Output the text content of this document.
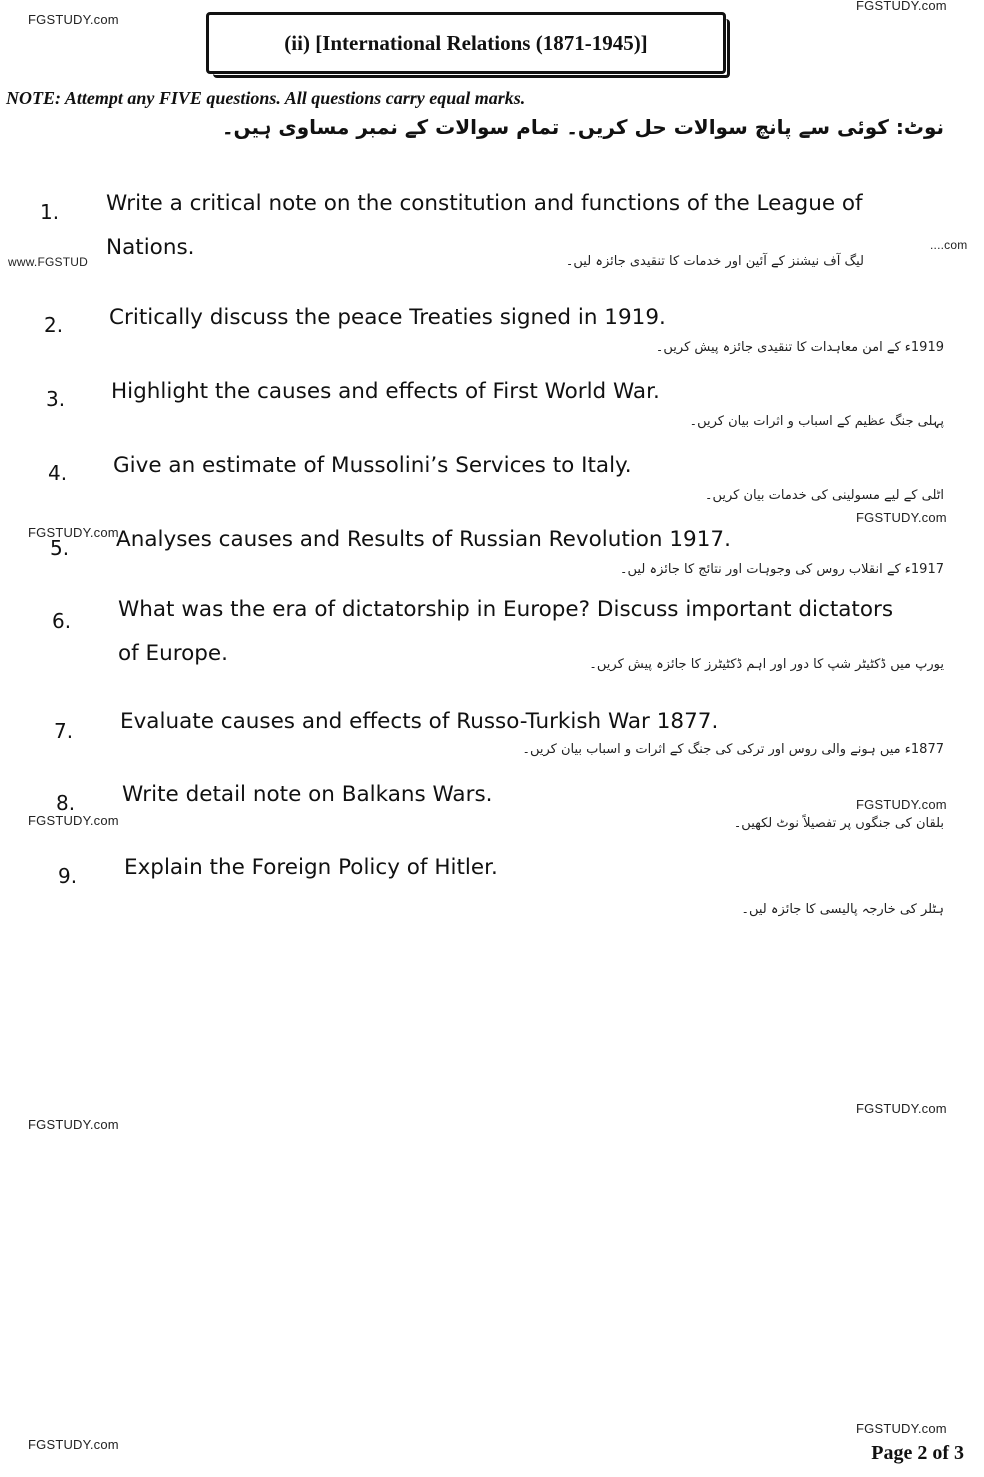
FGSTUDY.com
FGSTUDY.com
www.FGSTUD
....com
FGSTUDY.com
FGSTUDY.com
FGSTUDY.com
FGSTUDY.com
FGSTUDY.com
FGSTUDY.com
FGSTUDY.com
FGSTUDY.com
(ii) [International Relations (1871-1945)]
NOTE: Attempt any FIVE questions. All questions carry equal marks.
نوٹ: کوئی سے پانچ سوالات حل کریں۔ تمام سوالات کے نمبر مساوی ہیں۔
1. Write a critical note on the constitution and functions of the League of Nations.
لیگ آف نیشنز کے آئین اور خدمات کا تنقیدی جائزہ لیں۔
2. Critically discuss the peace Treaties signed in 1919.
1919ء کے امن معاہدات کا تنقیدی جائزہ پیش کریں۔
3. Highlight the causes and effects of First World War.
پہلی جنگ عظیم کے اسباب و اثرات بیان کریں۔
4. Give an estimate of Mussolini’s Services to Italy.
اٹلی کے لیے مسولینی کی خدمات بیان کریں۔
5. Analyses causes and Results of Russian Revolution 1917.
1917ء کے انقلاب روس کی وجوہات اور نتائج کا جائزہ لیں۔
6. What was the era of dictatorship in Europe? Discuss important dictators of Europe.	یورپ میں ڈکٹیٹر شپ کا دور اور اہم ڈکٹیٹرز کا جائزہ پیش کریں۔
7. Evaluate causes and effects of Russo-Turkish War 1877.
1877ء میں ہونے والی روس اور ترکی کی جنگ کے اثرات و اسباب بیان کریں۔
8. Write detail note on Balkans Wars.
بلقان کی جنگوں پر تفصیلاً نوٹ لکھیں۔
9. Explain the Foreign Policy of Hitler.
ہٹلر کی خارجہ پالیسی کا جائزہ لیں۔
Page 2 of 3
